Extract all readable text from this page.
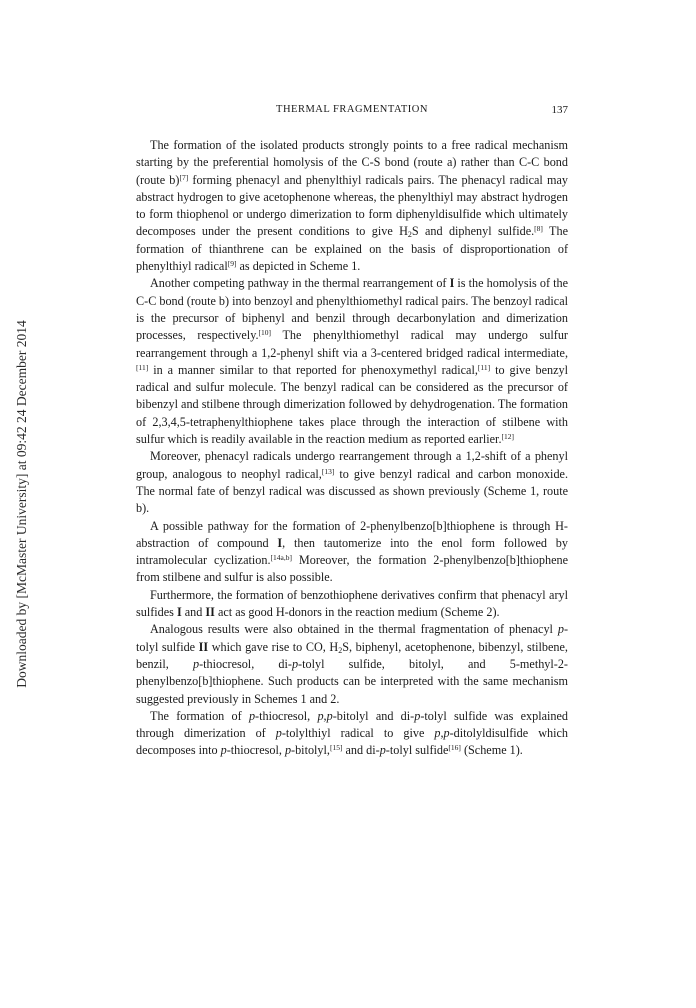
Downloaded by [McMaster University] at 09:42 24 December 2014
THERMAL FRAGMENTATION	137

The formation of the isolated products strongly points to a free radical mechanism starting by the preferential homolysis of the C-S bond (route a) rather than C-C bond (route b)[7] forming phenacyl and phenylthiyl radicals pairs. The phenacyl radical may abstract hydrogen to give acetophenone whereas, the phenylthiyl may abstract hydrogen to form thiophenol or undergo dimerization to form diphenyldisulfide which ultimately decomposes under the present conditions to give $H_2S$ and diphenyl sulfide.[8] The formation of thianthrene can be explained on the basis of disproportionation of phenylthiyl radical[9] as depicted in Scheme 1.

Another competing pathway in the thermal rearrangement of I is the homolysis of the C-C bond (route b) into benzoyl and phenylthiomethyl radical pairs. The benzoyl radical is the precursor of biphenyl and benzil through decarbonylation and dimerization processes, respectively.[10] The phenylthiomethyl radical may undergo sulfur rearrangement through a 1,2-phenyl shift via a 3-centered bridged radical intermediate,[11] in a manner similar to that reported for phenoxymethyl radical,[11] to give benzyl radical and sulfur molecule. The benzyl radical can be considered as the precursor of bibenzyl and stilbene through dimerization followed by dehydrogenation. The formation of 2,3,4,5-tetraphenylthiophene takes place through the interaction of stilbene with sulfur which is readily available in the reaction medium as reported earlier.[12]

Moreover, phenacyl radicals undergo rearrangement through a 1,2-shift of a phenyl group, analogous to neophyl radical,[13] to give benzyl radical and carbon monoxide. The normal fate of benzyl radical was discussed as shown previously (Scheme 1, route b).

A possible pathway for the formation of 2-phenylbenzo[b]thiophene is through H-abstraction of compound I, then tautomerize into the enol form followed by intramolecular cyclization.[14a,b] Moreover, the formation 2-phenylbenzo[b]thiophene from stilbene and sulfur is also possible.

Furthermore, the formation of benzothiophene derivatives confirm that phenacyl aryl sulfides I and II act as good H-donors in the reaction medium (Scheme 2).

Analogous results were also obtained in the thermal fragmentation of phenacyl p-tolyl sulfide II which gave rise to CO, $H_2S$, biphenyl, acetophenone, bibenzyl, stilbene, benzil, p-thiocresol, di-p-tolyl sulfide, bitolyl, and 5-methyl-2-phenylbenzo[b]thiophene. Such products can be interpreted with the same mechanism suggested previously in Schemes 1 and 2.

The formation of p-thiocresol, p,p-bitolyl and di-p-tolyl sulfide was explained through dimerization of p-tolylthiyl radical to give p,p-ditolyldisulfide which decomposes into p-thiocresol, p-bitolyl,[15] and di-p-tolyl sulfide[16] (Scheme 1).
